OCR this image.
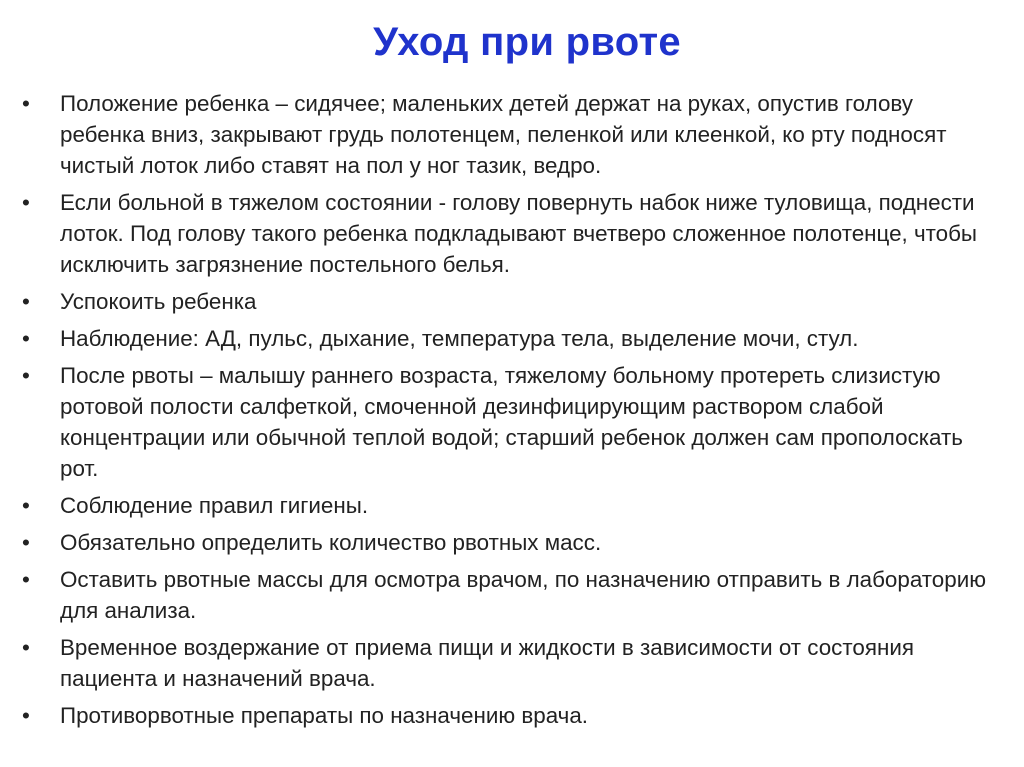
Уход при рвоте
• Положение ребенка – сидячее; маленьких детей держат на руках, опустив голову ребенка вниз, закрывают грудь полотенцем, пеленкой или клеенкой, ко рту подносят чистый лоток либо ставят на пол у ног тазик, ведро.
• Если больной в тяжелом состоянии - голову повернуть набок ниже туловища, поднести лоток. Под голову такого ребенка подкладывают вчетверо сложенное полотенце, чтобы исключить загрязнение постельного белья.
• Успокоить ребенка
• Наблюдение: АД, пульс, дыхание, температура тела, выделение мочи, стул.
• После рвоты – малышу раннего возраста, тяжелому больному протереть слизистую ротовой полости салфеткой, смоченной дезинфицирующим раствором слабой концентрации или обычной теплой водой; старший ребенок должен сам прополоскать рот.
• Соблюдение правил гигиены.
• Обязательно определить количество рвотных масс.
• Оставить рвотные массы для осмотра врачом, по назначению отправить в лабораторию для анализа.
• Временное воздержание от приема пищи и жидкости в зависимости от состояния пациента и назначений врача.
• Противорвотные препараты по назначению врача.
